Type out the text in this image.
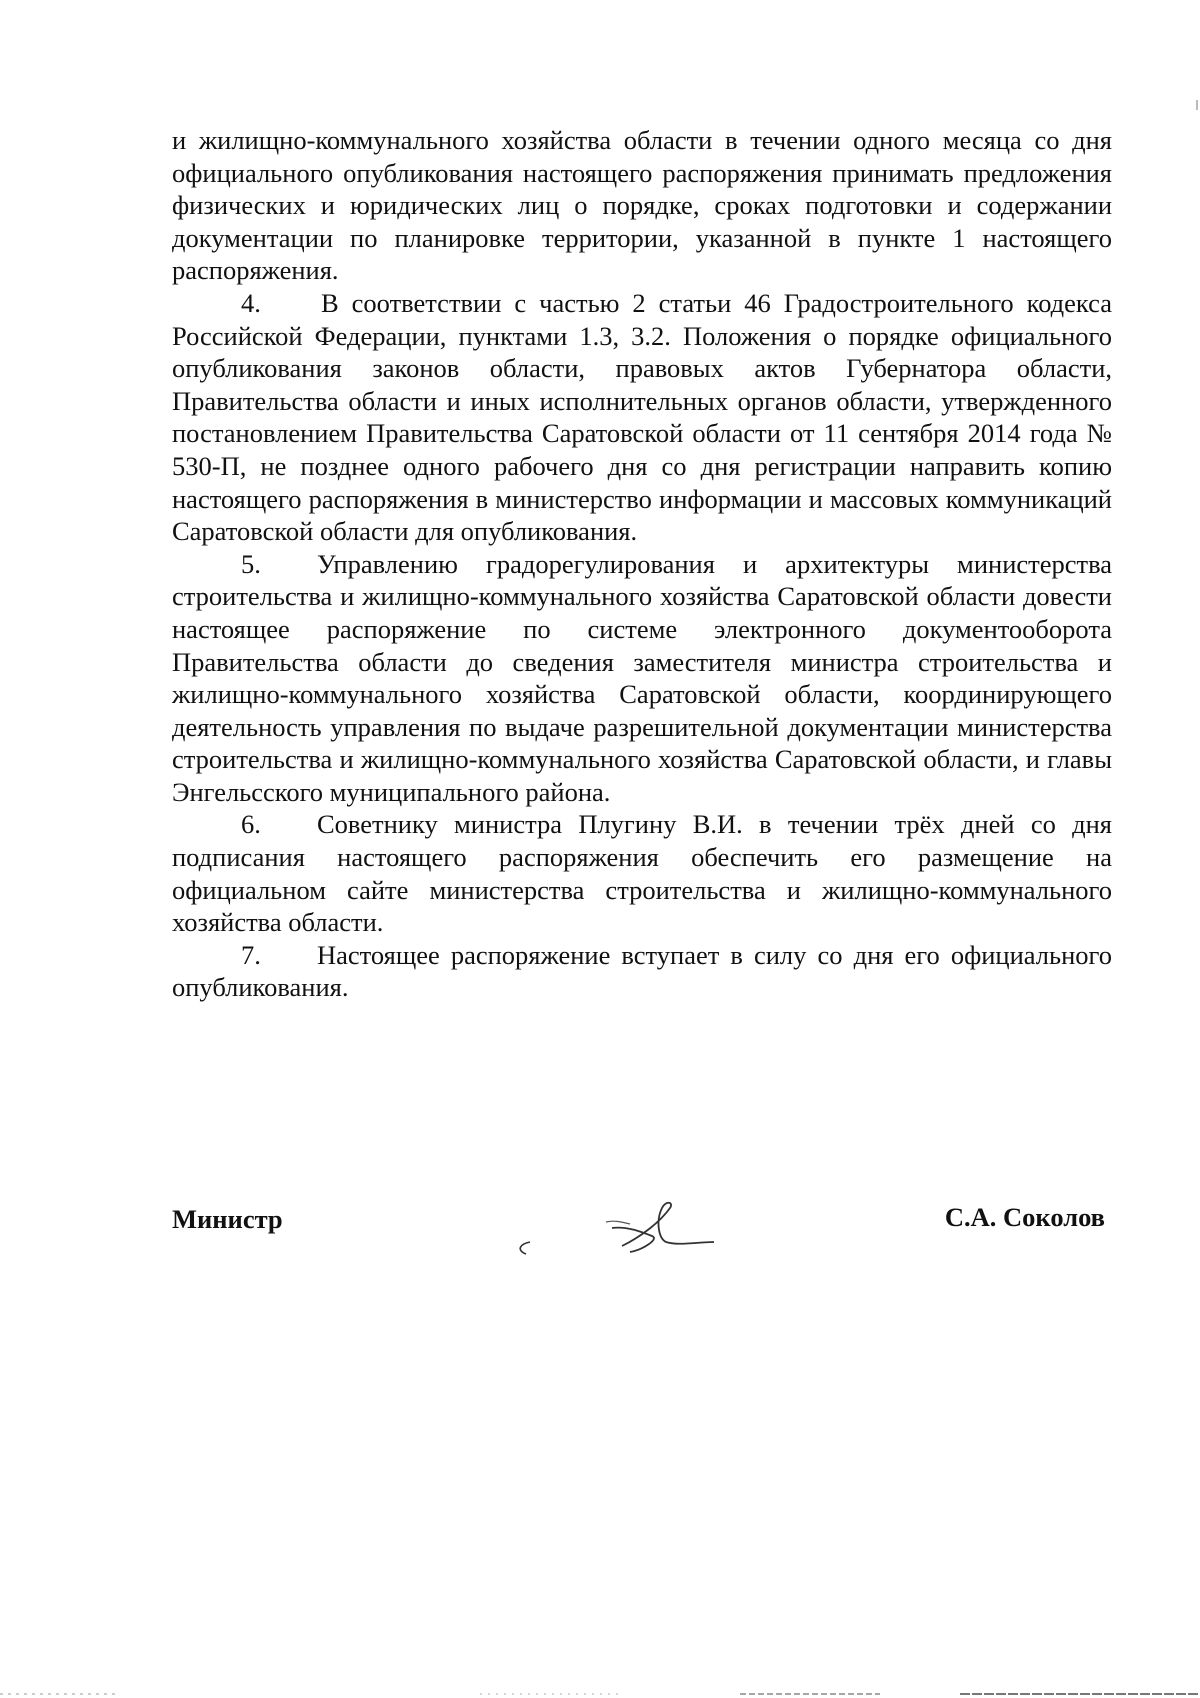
и жилищно-коммунального хозяйства области в течении одного месяца со дня официального опубликования настоящего распоряжения принимать предложения физических и юридических лиц о порядке, сроках подготовки и содержании документации по планировке территории, указанной в пункте 1 настоящего распоряжения.

4. В соответствии с частью 2 статьи 46 Градостроительного кодекса Российской Федерации, пунктами 1.3, 3.2. Положения о порядке официального опубликования законов области, правовых актов Губернатора области, Правительства области и иных исполнительных органов области, утвержденного постановлением Правительства Саратовской области от 11 сентября 2014 года № 530-П, не позднее одного рабочего дня со дня регистрации направить копию настоящего распоряжения в министерство информации и массовых коммуникаций Саратовской области для опубликования.

5. Управлению градорегулирования и архитектуры министерства строительства и жилищно-коммунального хозяйства Саратовской области довести настоящее распоряжение по системе электронного документооборота Правительства области до сведения заместителя министра строительства и жилищно-коммунального хозяйства Саратовской области, координирующего деятельность управления по выдаче разрешительной документации министерства строительства и жилищно-коммунального хозяйства Саратовской области, и главы Энгельсского муниципального района.

6. Советнику министра Плугину В.И. в течении трёх дней со дня подписания настоящего распоряжения обеспечить его размещение на официальном сайте министерства строительства и жилищно-коммунального хозяйства области.

7. Настоящее распоряжение вступает в силу со дня его официального опубликования.

Министр	С.А. Соколов
